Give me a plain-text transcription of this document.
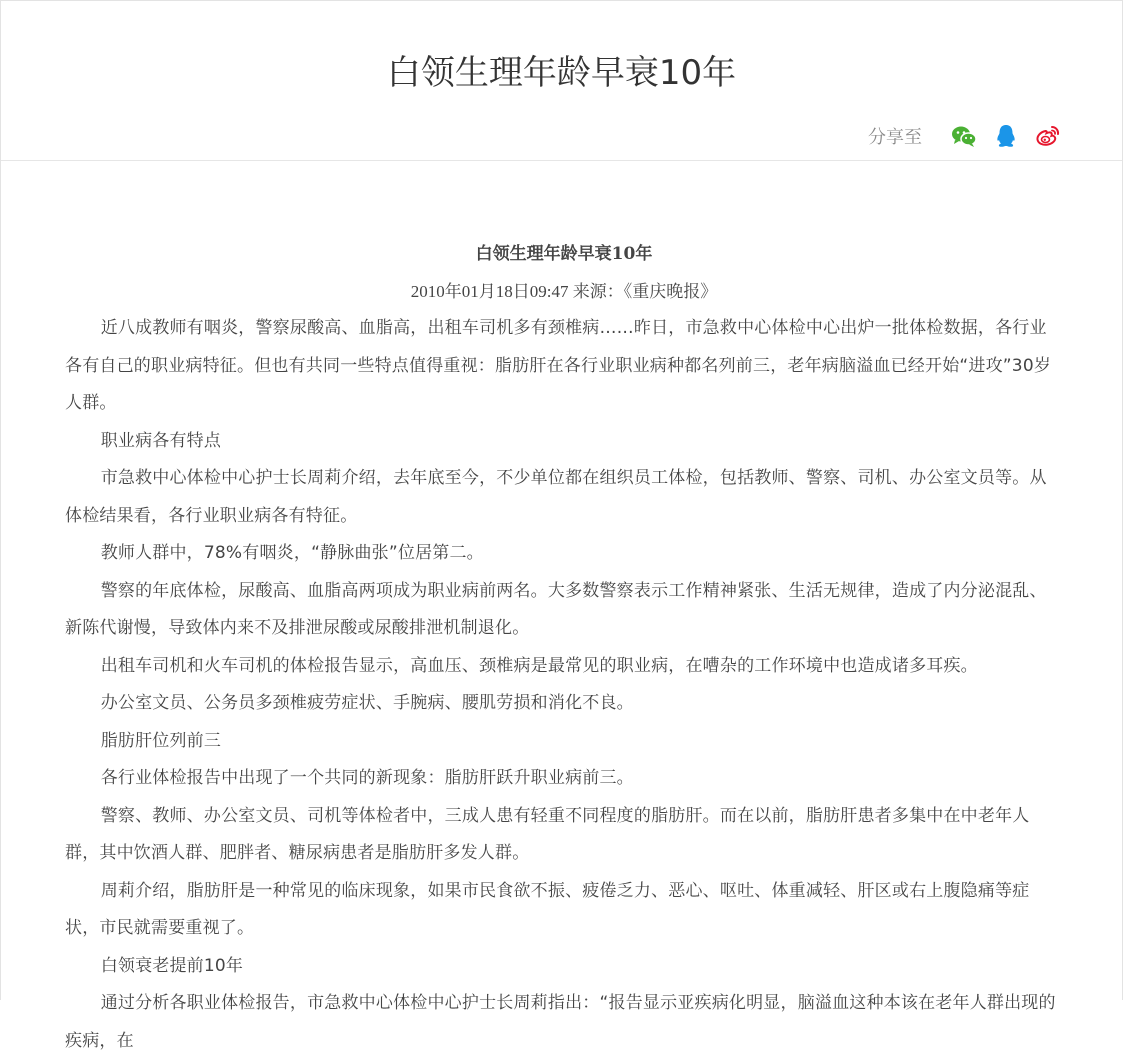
白领生理年龄早衰10年
分享至

白领生理年龄早衰10年

2010年01月18日09:47 来源：《重庆晚报》

近八成教师有咽炎，警察尿酸高、血脂高，出租车司机多有颈椎病……昨日，市急救中心体检中心出炉一批体检数据，各行业各有自己的职业病特征。但也有共同一些特点值得重视：脂肪肝在各行业职业病种都名列前三，老年病脑溢血已经开始“进攻”30岁人群。

职业病各有特点

市急救中心体检中心护士长周莉介绍，去年底至今，不少单位都在组织员工体检，包括教师、警察、司机、办公室文员等。从体检结果看，各行业职业病各有特征。

教师人群中，78%有咽炎，“静脉曲张”位居第二。

警察的年底体检，尿酸高、血脂高两项成为职业病前两名。大多数警察表示工作精神紧张、生活无规律，造成了内分泌混乱、新陈代谢慢，导致体内来不及排泄尿酸或尿酸排泄机制退化。

出租车司机和火车司机的体检报告显示，高血压、颈椎病是最常见的职业病，在嘈杂的工作环境中也造成诸多耳疾。

办公室文员、公务员多颈椎疲劳症状、手腕病、腰肌劳损和消化不良。

脂肪肝位列前三

各行业体检报告中出现了一个共同的新现象：脂肪肝跃升职业病前三。

警察、教师、办公室文员、司机等体检者中，三成人患有轻重不同程度的脂肪肝。而在以前，脂肪肝患者多集中在中老年人群，其中饮酒人群、肥胖者、糖尿病患者是脂肪肝多发人群。

周莉介绍，脂肪肝是一种常见的临床现象，如果市民食欲不振、疲倦乏力、恶心、呕吐、体重减轻、肝区或右上腹隐痛等症状，市民就需要重视了。

白领衰老提前10年

通过分析各职业体检报告，市急救中心体检中心护士长周莉指出：“报告显示亚疾病化明显，脑溢血这种本该在老年人群出现的疾病，在
